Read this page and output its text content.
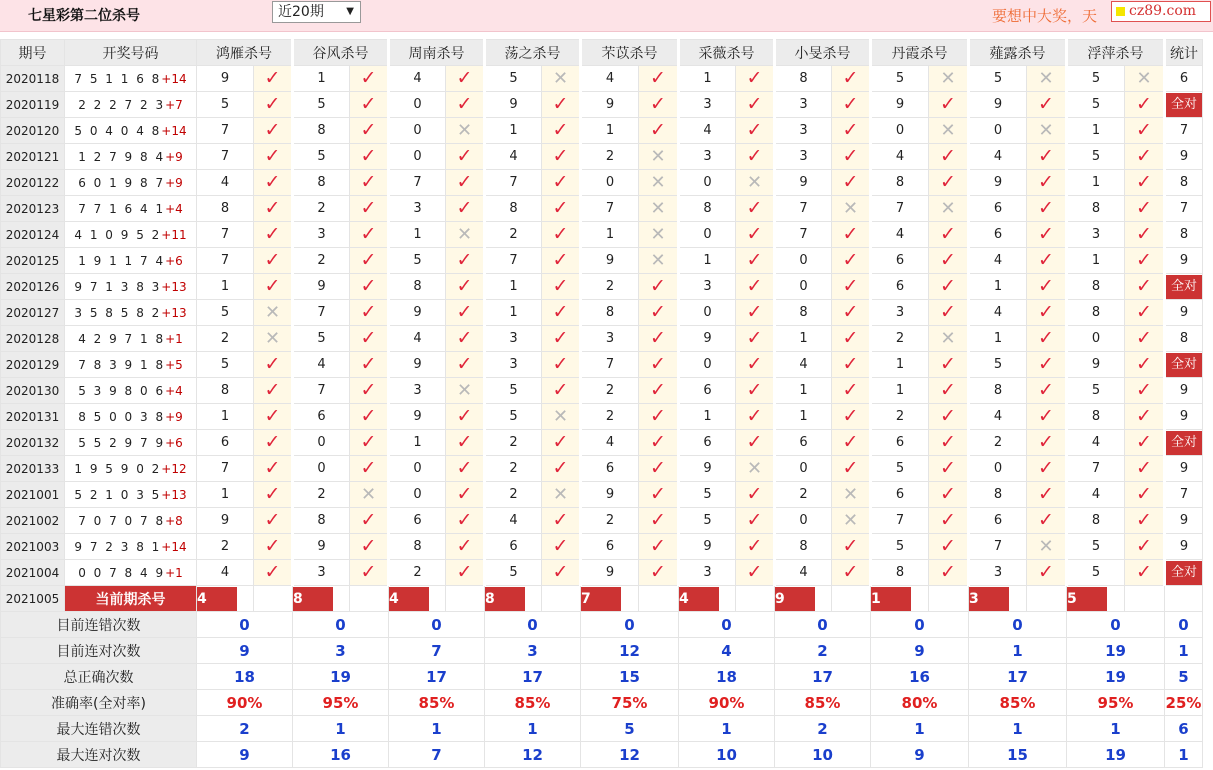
七星彩第二位杀号	近20期 ▼	要想中大奖，天	cz89.com
期号	开奖号码	鸿雁杀号		谷风杀号		周南杀号		荡之杀号		芣苡杀号		采薇杀号		小旻杀号		丹霞杀号		薤露杀号		浮萍杀号		统计
2020118	7 5 1 1 6 8+14	9	✓	1	✓	4	✓	5	✕	4	✓	1	✓	8	✓	5	✕	5	✕	5	✕	6
2020119	2 2 2 7 2 3+7	5	✓	5	✓	0	✓	9	✓	9	✓	3	✓	3	✓	9	✓	9	✓	5	✓	全对
2020120	5 0 4 0 4 8+14	7	✓	8	✓	0	✕	1	✓	1	✓	4	✓	3	✓	0	✕	0	✕	1	✓	7
2020121	1 2 7 9 8 4+9	7	✓	5	✓	0	✓	4	✓	2	✕	3	✓	3	✓	4	✓	4	✓	5	✓	9
2020122	6 0 1 9 8 7+9	4	✓	8	✓	7	✓	7	✓	0	✕	0	✕	9	✓	8	✓	9	✓	1	✓	8
2020123	7 7 1 6 4 1+4	8	✓	2	✓	3	✓	8	✓	7	✕	8	✓	7	✕	7	✕	6	✓	8	✓	7
2020124	4 1 0 9 5 2+11	7	✓	3	✓	1	✕	2	✓	1	✕	0	✓	7	✓	4	✓	6	✓	3	✓	8
2020125	1 9 1 1 7 4+6	7	✓	2	✓	5	✓	7	✓	9	✕	1	✓	0	✓	6	✓	4	✓	1	✓	9
2020126	9 7 1 3 8 3+13	1	✓	9	✓	8	✓	1	✓	2	✓	3	✓	0	✓	6	✓	1	✓	8	✓	全对
2020127	3 5 8 5 8 2+13	5	✕	7	✓	9	✓	1	✓	8	✓	0	✓	8	✓	3	✓	4	✓	8	✓	9
2020128	4 2 9 7 1 8+1	2	✕	5	✓	4	✓	3	✓	3	✓	9	✓	1	✓	2	✕	1	✓	0	✓	8
2020129	7 8 3 9 1 8+5	5	✓	4	✓	9	✓	3	✓	7	✓	0	✓	4	✓	1	✓	5	✓	9	✓	全对
2020130	5 3 9 8 0 6+4	8	✓	7	✓	3	✕	5	✓	2	✓	6	✓	1	✓	1	✓	8	✓	5	✓	9
2020131	8 5 0 0 3 8+9	1	✓	6	✓	9	✓	5	✕	2	✓	1	✓	1	✓	2	✓	4	✓	8	✓	9
2020132	5 5 2 9 7 9+6	6	✓	0	✓	1	✓	2	✓	4	✓	6	✓	6	✓	6	✓	2	✓	4	✓	全对
2020133	1 9 5 9 0 2+12	7	✓	0	✓	0	✓	2	✓	6	✓	9	✕	0	✓	5	✓	0	✓	7	✓	9
2021001	5 2 1 0 3 5+13	1	✓	2	✕	0	✓	2	✕	9	✓	5	✓	2	✕	6	✓	8	✓	4	✓	7
2021002	7 0 7 0 7 8+8	9	✓	8	✓	6	✓	4	✓	2	✓	5	✓	0	✕	7	✓	6	✓	8	✓	9
2021003	9 7 2 3 8 1+14	2	✓	9	✓	8	✓	6	✓	6	✓	9	✓	8	✓	5	✓	7	✕	5	✓	9
2021004	0 0 7 8 4 9+1	4	✓	3	✓	2	✓	5	✓	9	✓	3	✓	4	✓	8	✓	3	✓	5	✓	全对
2021005	当前期杀号	4		8		4		8		7		4		9		1		3		5		
目前连错次数		0		0		0		0		0		0		0		0		0		0		0
目前连对次数		9		3		7		3		12		4		2		9		1		19		1
总正确次数		18		19		17		17		15		18		17		16		17		19		5
准确率(全对率)		90%		95%		85%		85%		75%		90%		85%		80%		85%		95%		25%
最大连错次数		2		1		1		1		5		1		2		1		1		1		6
最大连对次数		9		16		7		12		12		10		10		9		15		19		1
